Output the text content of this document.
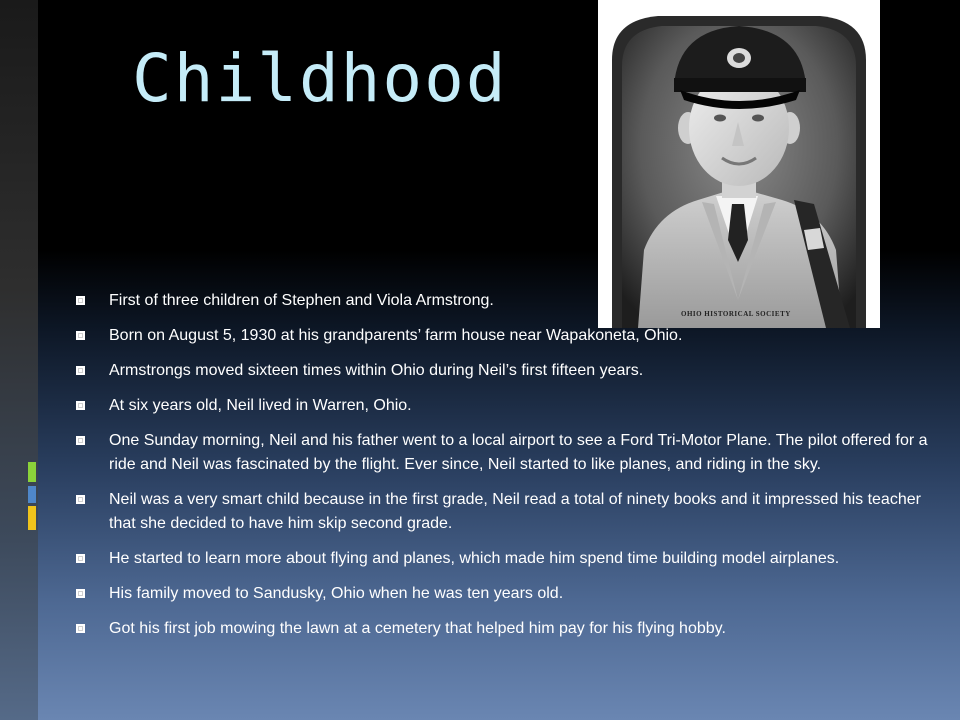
Childhood
OHIO HISTORICAL SOCIETY
First of three children of Stephen and Viola Armstrong.
Born on August 5, 1930 at his grandparents’ farm house near Wapakoneta, Ohio.
Armstrongs moved sixteen times within Ohio during Neil’s first fifteen years.
At six years old, Neil lived in Warren, Ohio.
One Sunday morning, Neil and his father went to a local airport to see a Ford Tri-Motor Plane. The pilot offered for a ride and Neil was fascinated by the flight. Ever since, Neil started to like planes, and riding in the sky.
Neil was a very smart child because in the first grade, Neil read a total of ninety books and it impressed his teacher that she decided to have him skip second grade.
He started to learn more about flying and planes, which made him spend time building model airplanes.
His family moved to Sandusky, Ohio when he was ten years old.
Got his first job mowing the lawn at a cemetery that helped him pay for his flying hobby.
